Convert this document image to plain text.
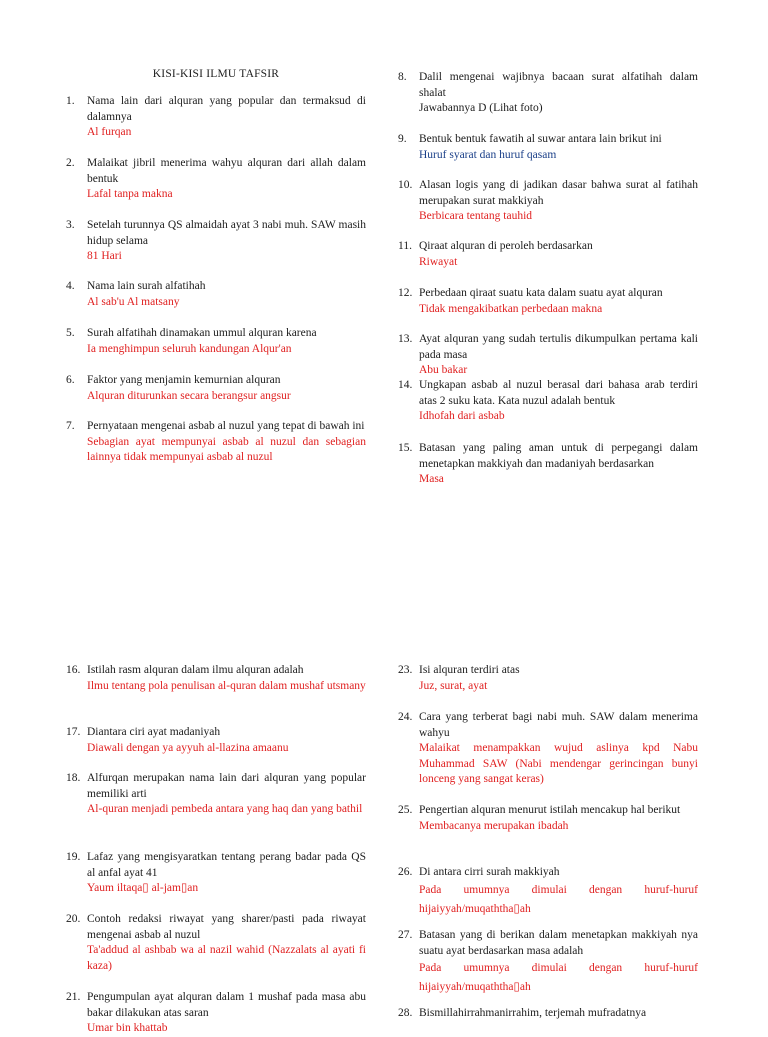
KISI-KISI ILMU TAFSIR
1.	Nama lain dari alquran yang popular dan termaksud di dalamnya
Al furqan
2.	Malaikat jibril menerima wahyu alquran dari allah dalam bentuk
Lafal tanpa makna
3.	Setelah turunnya QS almaidah ayat 3 nabi muh. SAW masih hidup selama
81 Hari
4.	Nama lain surah alfatihah
Al sab'u Al matsany
5.	Surah alfatihah dinamakan ummul alquran karena
Ia menghimpun seluruh kandungan Alqur'an
6.	Faktor yang menjamin kemurnian alquran
Alquran diturunkan secara berangsur angsur
7.	Pernyataan mengenai asbab al nuzul yang tepat di bawah ini
Sebagian ayat mempunyai asbab al nuzul dan sebagian lainnya tidak mempunyai asbab al nuzul
16. Istilah rasm alquran dalam ilmu alquran adalah
Ilmu tentang pola penulisan al-quran dalam mushaf utsmany
17. Diantara ciri ayat madaniyah
Diawali dengan ya ayyuh al-llazina amaanu
18. Alfurqan merupakan nama lain dari alquran yang popular memiliki arti
Al-quran menjadi pembeda antara yang haq dan yang bathil
19. Lafaz yang mengisyaratkan tentang perang badar pada QS al anfal ayat 41
Yaum iltaqa▯ al-jam▯an
20. Contoh redaksi riwayat yang sharer/pasti pada riwayat mengenai asbab al nuzul
Ta'addud al ashbab wa al nazil wahid (Nazzalats al ayati fi kaza)
21. Pengumpulan ayat alquran dalam 1 mushaf pada masa abu bakar dilakukan atas saran
Umar bin khattab
8.	Dalil mengenai wajibnya bacaan surat alfatihah dalam shalat
Jawabannya D (Lihat foto)
9.	Bentuk bentuk fawatih al suwar antara lain brikut ini
Huruf syarat dan huruf qasam
10. Alasan logis yang di jadikan dasar bahwa surat al fatihah merupakan surat makkiyah
Berbicara tentang tauhid
11. Qiraat alquran di peroleh berdasarkan
Riwayat
12. Perbedaan qiraat suatu kata dalam suatu ayat alquran
Tidak mengakibatkan perbedaan makna
13. Ayat alquran yang sudah tertulis dikumpulkan pertama kali pada masa
Abu bakar
14. Ungkapan asbab al nuzul berasal dari bahasa arab terdiri atas 2 suku kata. Kata nuzul adalah bentuk
Idhofah dari asbab
15. Batasan yang paling aman untuk di perpegangi dalam menetapkan makkiyah dan madaniyah berdasarkan
Masa
23. Isi alquran terdiri atas
Juz, surat, ayat
24. Cara yang terberat bagi nabi muh. SAW dalam menerima wahyu
Malaikat menampakkan wujud aslinya kpd Nabu Muhammad SAW (Nabi mendengar gerincingan bunyi lonceng yang sangat keras)
25. Pengertian alquran menurut istilah mencakup hal berikut
Membacanya merupakan ibadah
26. Di antara cirri surah makkiyah
Pada umumnya dimulai dengan huruf-huruf hijaiyyah/muqaththa▯ah
27. Batasan yang di berikan dalam menetapkan makkiyah nya suatu ayat berdasarkan masa adalah
Pada umumnya dimulai dengan huruf-huruf hijaiyyah/muqaththa▯ah
28. Bismillahirrahmanirrahim, terjemah mufradatnya
